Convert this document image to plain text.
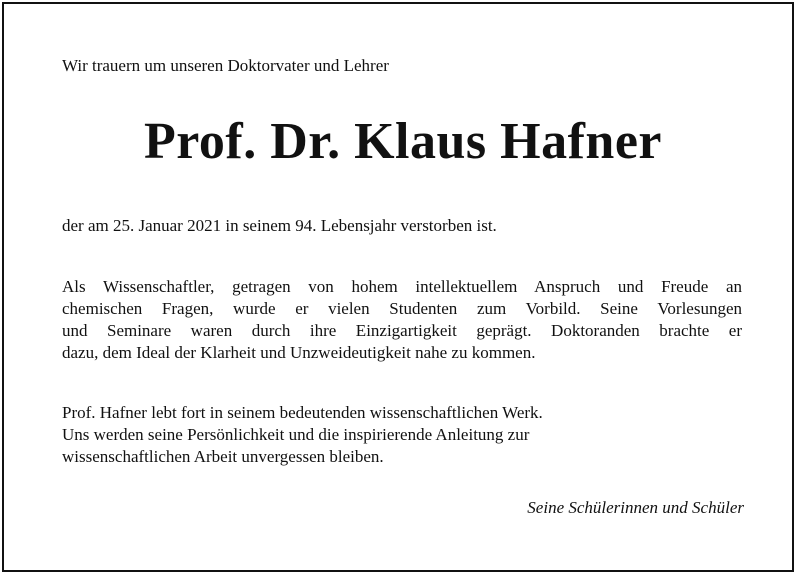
Wir trauern um unseren Doktorvater und Lehrer
Prof. Dr. Klaus Hafner
der am 25. Januar 2021 in seinem 94. Lebensjahr verstorben ist.
Als Wissenschaftler, getragen von hohem intellektuellem Anspruch und Freude an
chemischen Fragen, wurde er vielen Studenten zum Vorbild. Seine Vorlesungen
und Seminare waren durch ihre Einzigartigkeit geprägt. Doktoranden brachte er
dazu, dem Ideal der Klarheit und Unzweideutigkeit nahe zu kommen.
Prof. Hafner lebt fort in seinem bedeutenden wissenschaftlichen Werk.
Uns werden seine Persönlichkeit und die inspirierende Anleitung zur
wissenschaftlichen Arbeit unvergessen bleiben.
Seine Schülerinnen und Schüler
